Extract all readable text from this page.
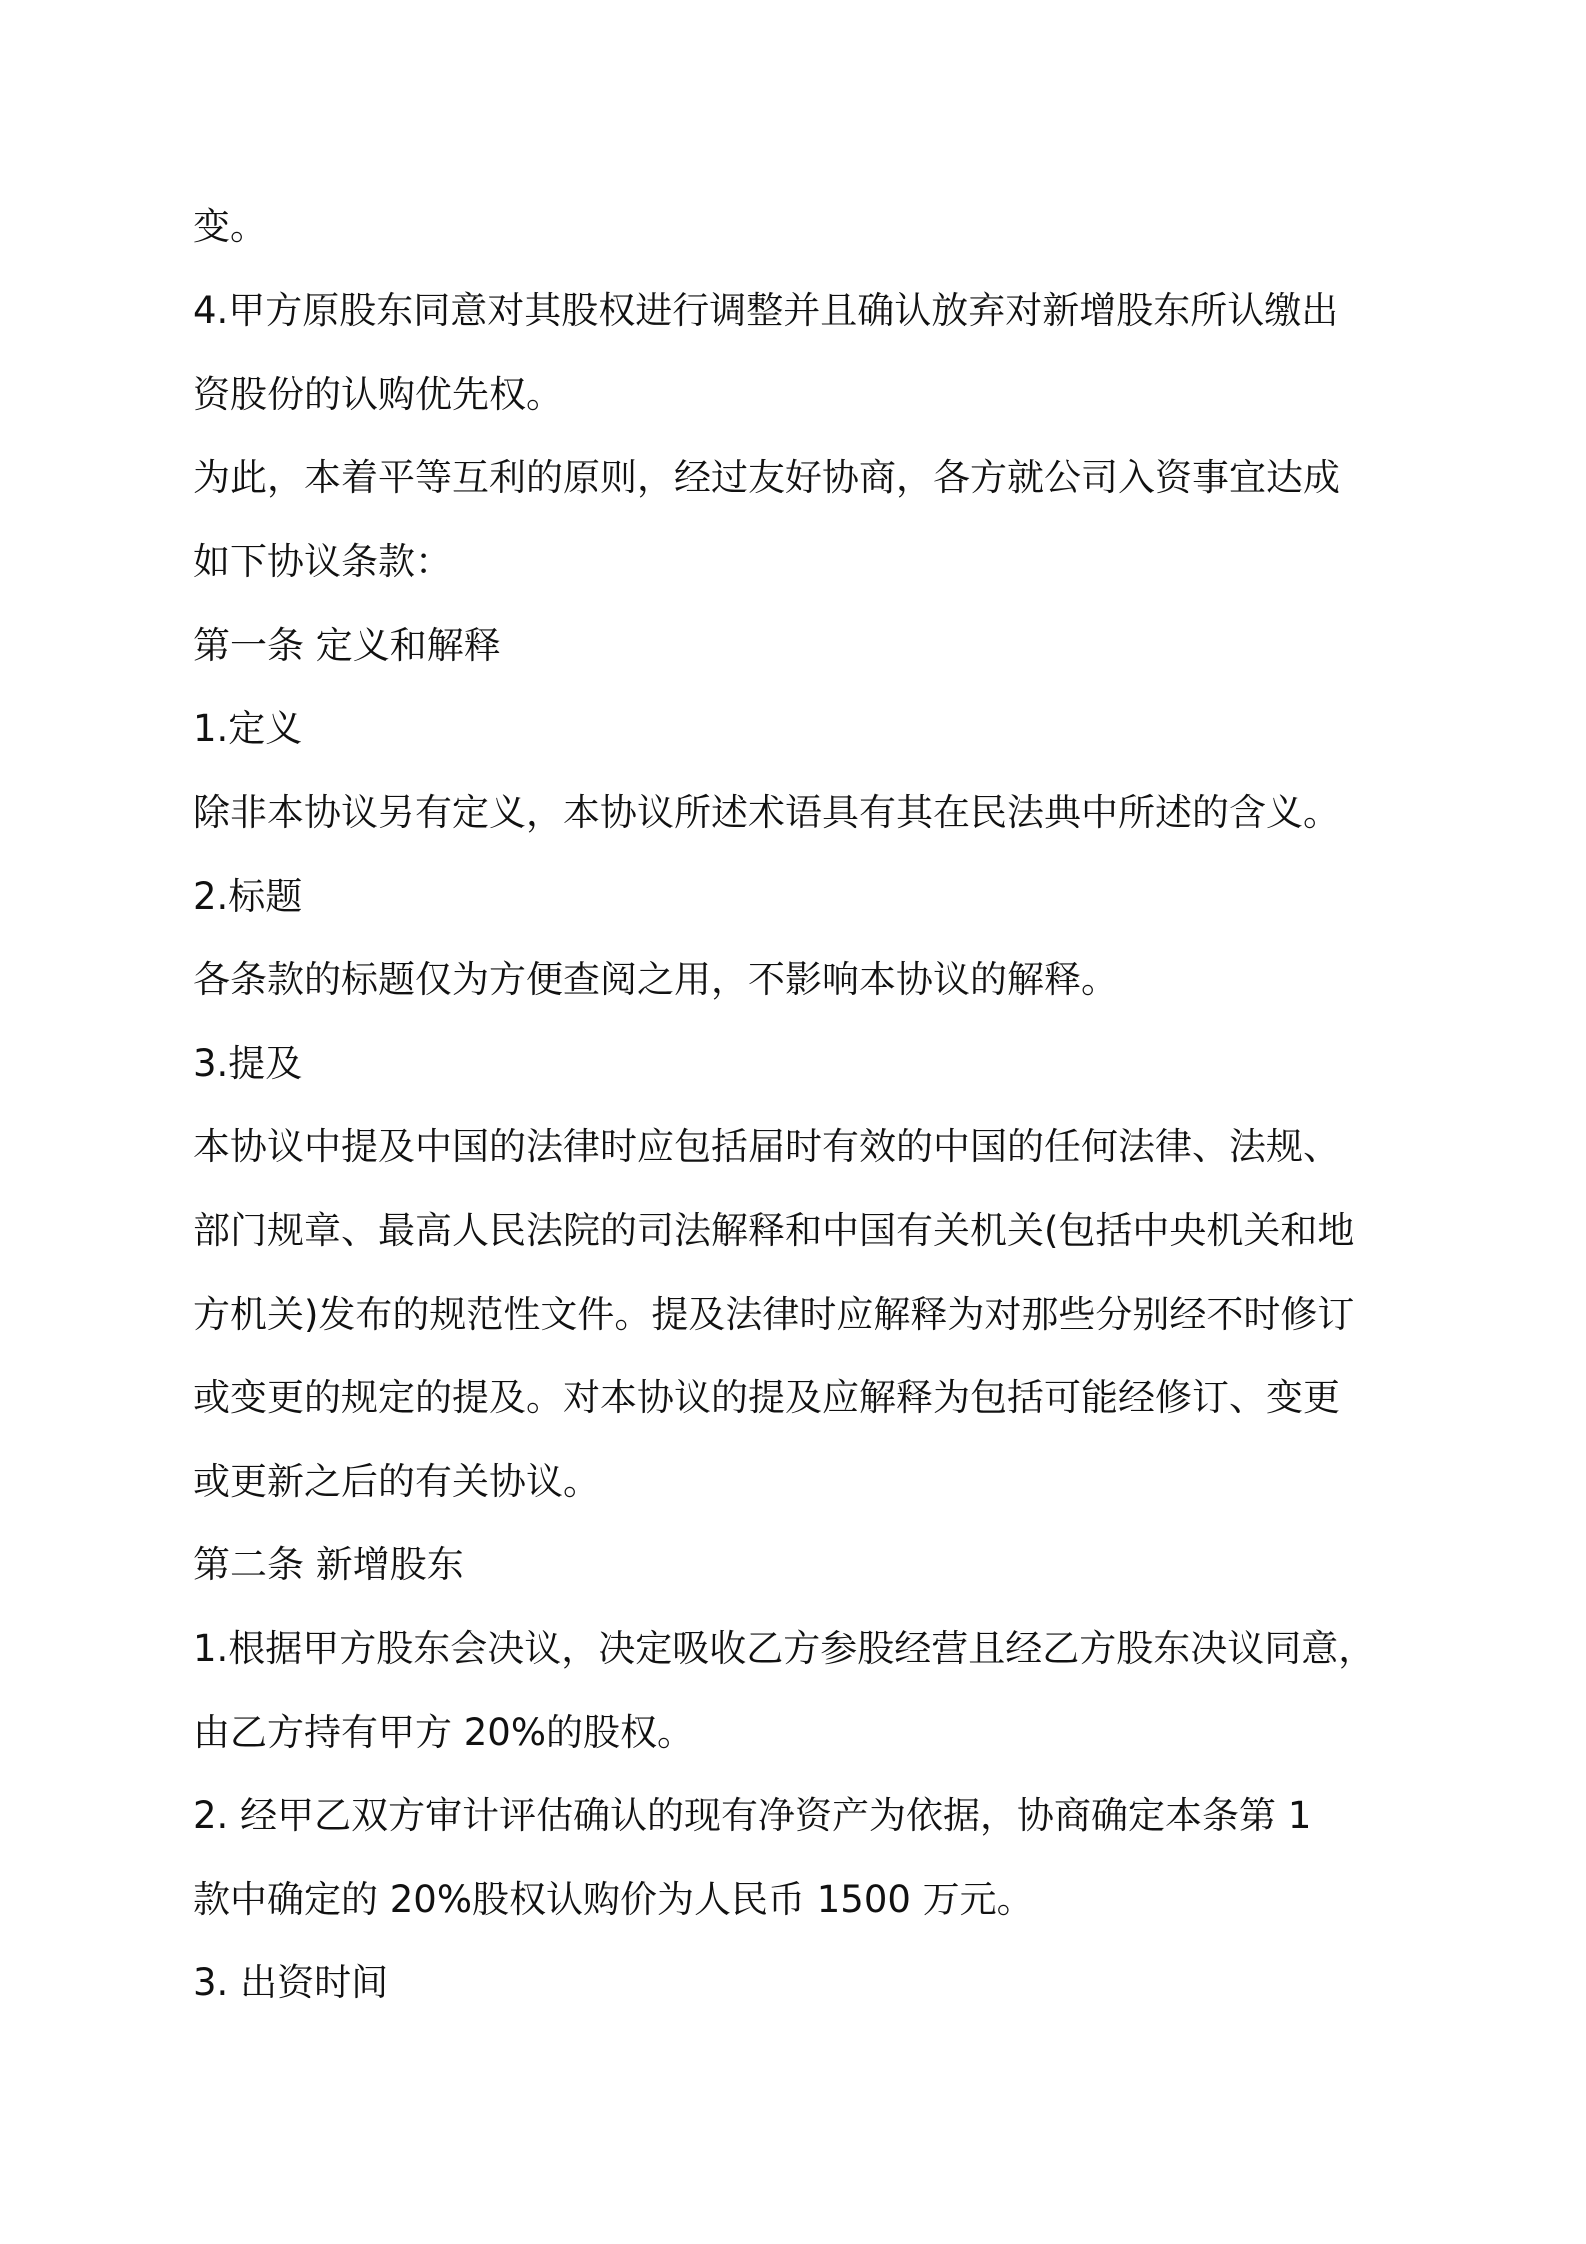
变。
4.甲方原股东同意对其股权进行调整并且确认放弃对新增股东所认缴出
资股份的认购优先权。
为此，本着平等互利的原则，经过友好协商，各方就公司入资事宜达成
如下协议条款：
第一条 定义和解释
1.定义
除非本协议另有定义，本协议所述术语具有其在民法典中所述的含义。
2.标题
各条款的标题仅为方便查阅之用，不影响本协议的解释。
3.提及
本协议中提及中国的法律时应包括届时有效的中国的任何法律、法规、
部门规章、最高人民法院的司法解释和中国有关机关(包括中央机关和地
方机关)发布的规范性文件。提及法律时应解释为对那些分别经不时修订
或变更的规定的提及。对本协议的提及应解释为包括可能经修订、变更
或更新之后的有关协议。
第二条 新增股东
1.根据甲方股东会决议，决定吸收乙方参股经营且经乙方股东决议同意，
由乙方持有甲方 20%的股权。
2. 经甲乙双方审计评估确认的现有净资产为依据，协商确定本条第 1
款中确定的 20%股权认购价为人民币 1500 万元。
3. 出资时间
